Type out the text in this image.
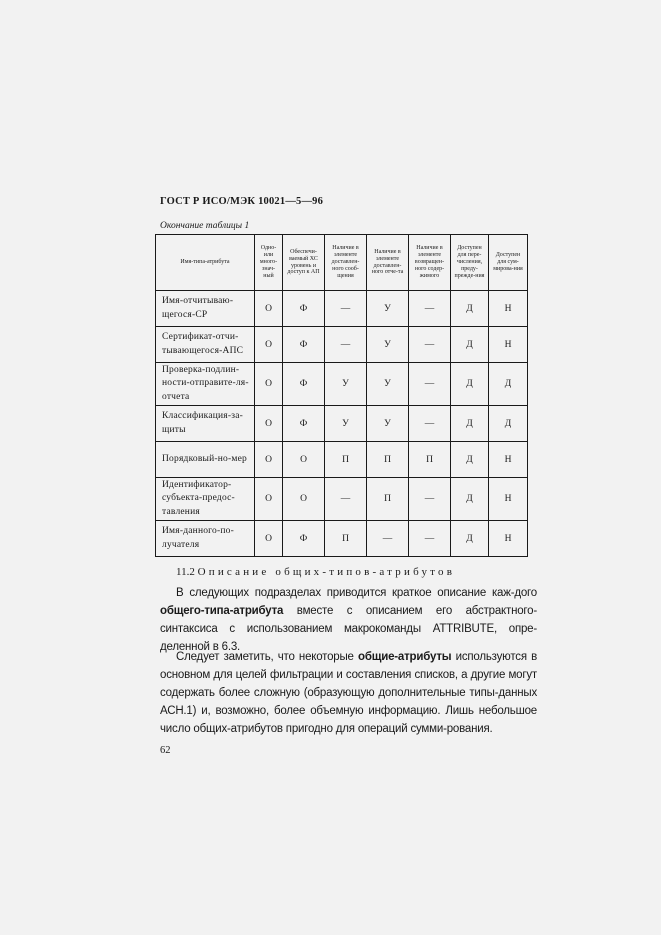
ГОСТ Р ИСО/МЭК 10021—5—96
Окончание таблицы 1
Имя-типа-атрибута	Одно-или много-знач-ный	Обеспечи-ваемый ХС уровень и доступ к АП	Наличие в элементе доставлен-ного сооб-щения	Наличие в элементе доставлен-ного отче-та	Наличие в элементе возвращен-ного содер-жимого	Доступен для пере-числения, преду-прежде-ния	Доступен для сум-мирова-ния
Имя-отчитываю-щегося-СР	О	Ф	—	У	—	Д	Н
Сертификат-отчи-тывающегося-АПС	О	Ф	—	У	—	Д	Н
Проверка-подлин-ности-отправите-ля-отчета	О	Ф	У	У	—	Д	Д
Классификация-за-щиты	О	Ф	У	У	—	Д	Д
Порядковый-но-мер	О	О	П	П	П	Д	Н
Идентификатор-субъекта-предос-тавления	О	О	—	П	—	Д	Н
Имя-данного-по-лучателя	О	Ф	П	—	—	Д	Н
11.2 Описание общих-типов-атрибутов
В следующих подразделах приводится краткое описание каж-дого общего-типа-атрибута вместе с описанием его абстрактного-синтаксиса с использованием макрокоманды ATTRIBUTE, опре-деленной в 6.3.
Следует заметить, что некоторые общие-атрибуты используются в основном для целей фильтрации и составления списков, а другие могут содержать более сложную (образующую дополнительные типы-данных АСН.1) и, возможно, более объемную информацию. Лишь небольшое число общих-атрибутов пригодно для операций сумми-рования.
62
